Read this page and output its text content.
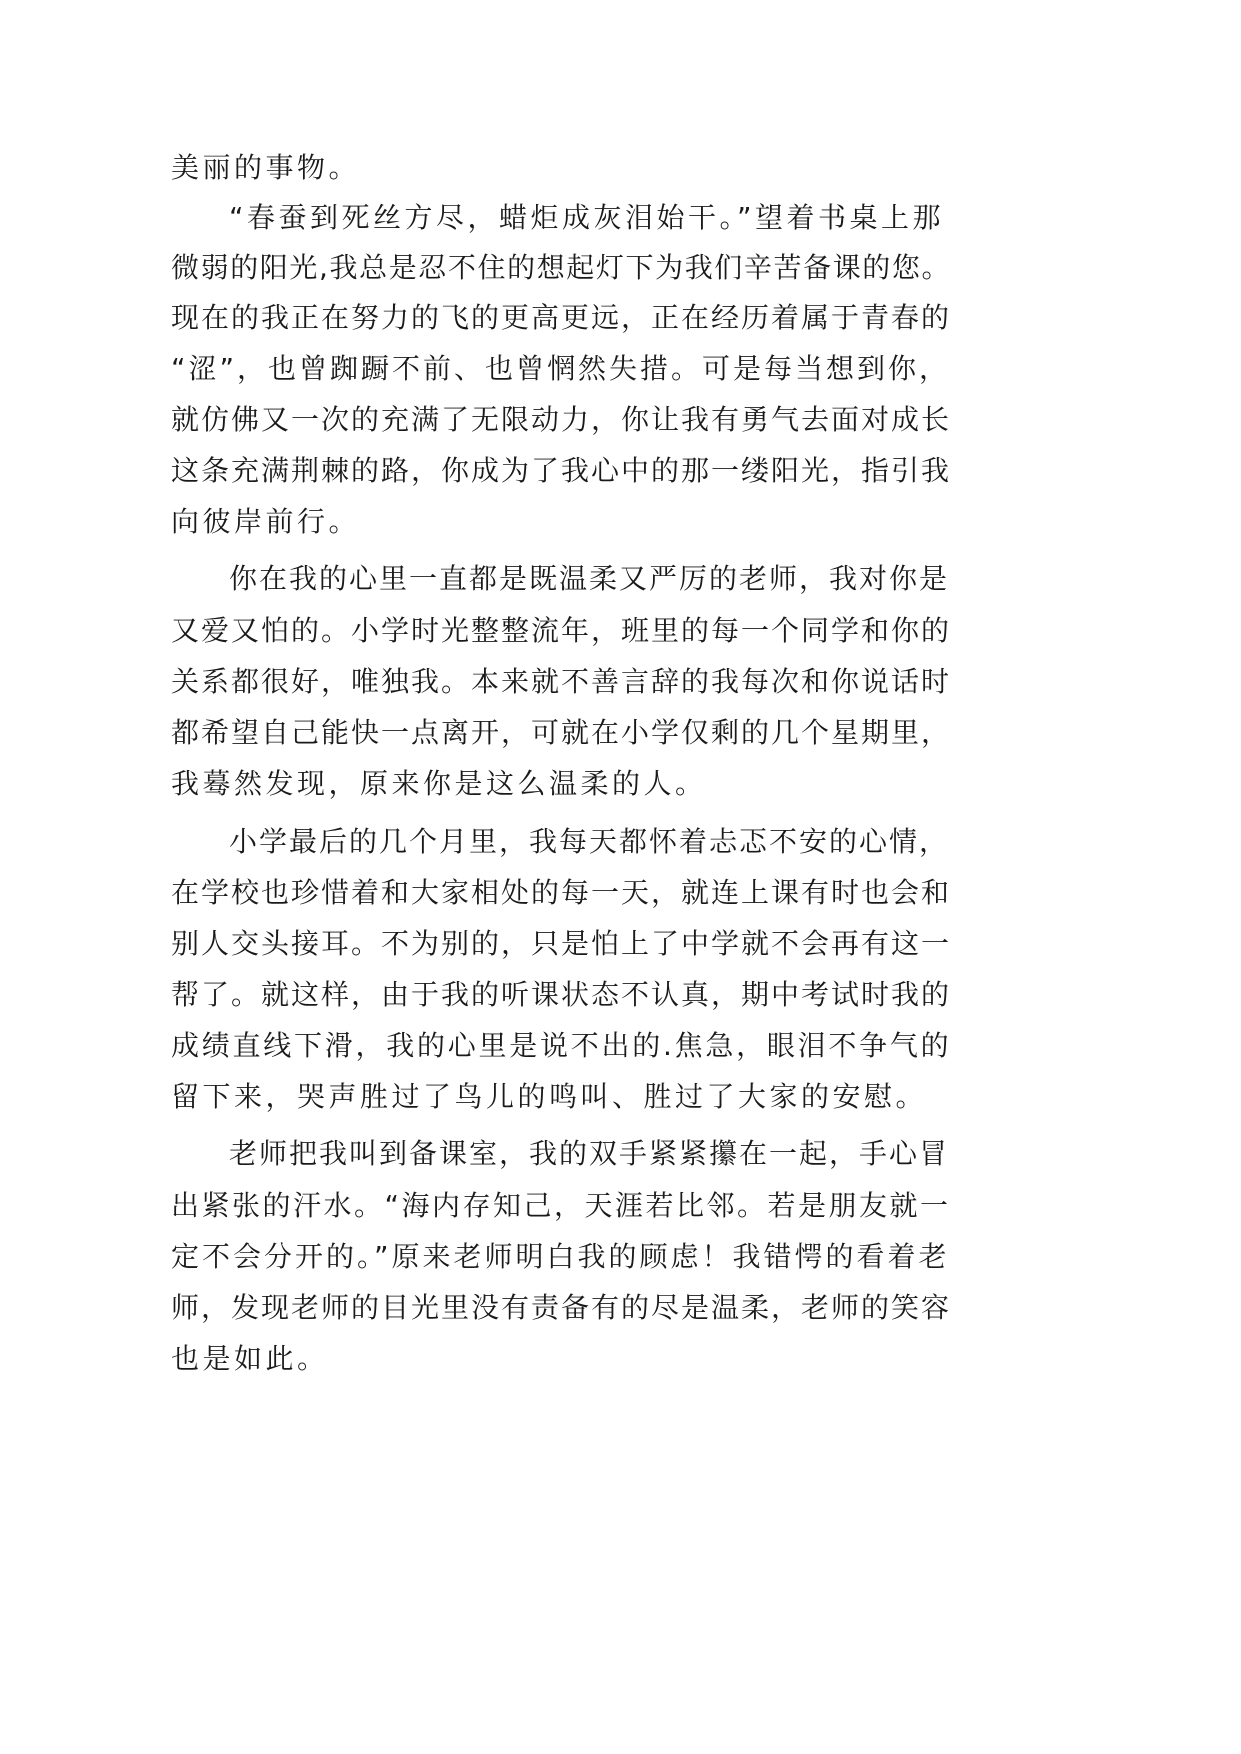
美丽的事物。

“春蚕到死丝方尽，蜡炬成灰泪始干。”望着书桌上那

微弱的阳光,我总是忍不住的想起灯下为我们辛苦备课的您。

现在的我正在努力的飞的更高更远，正在经历着属于青春的

“涩”，也曾踟蹰不前、也曾惘然失措。可是每当想到你，

就仿佛又一次的充满了无限动力，你让我有勇气去面对成长

这条充满荆棘的路，你成为了我心中的那一缕阳光，指引我

向彼岸前行。

你在我的心里一直都是既温柔又严厉的老师，我对你是

又爱又怕的。小学时光整整流年，班里的每一个同学和你的

关系都很好，唯独我。本来就不善言辞的我每次和你说话时

都希望自己能快一点离开，可就在小学仅剩的几个星期里，

我蓦然发现，原来你是这么温柔的人。

小学最后的几个月里，我每天都怀着忐忑不安的心情，

在学校也珍惜着和大家相处的每一天，就连上课有时也会和

别人交头接耳。不为别的，只是怕上了中学就不会再有这一

帮了。就这样，由于我的听课状态不认真，期中考试时我的

成绩直线下滑，我的心里是说不出的.焦急，眼泪不争气的

留下来，哭声胜过了鸟儿的鸣叫、胜过了大家的安慰。

老师把我叫到备课室，我的双手紧紧攥在一起，手心冒

出紧张的汗水。“海内存知己，天涯若比邻。若是朋友就一

定不会分开的。”原来老师明白我的顾虑！我错愕的看着老

师，发现老师的目光里没有责备有的尽是温柔，老师的笑容

也是如此。
